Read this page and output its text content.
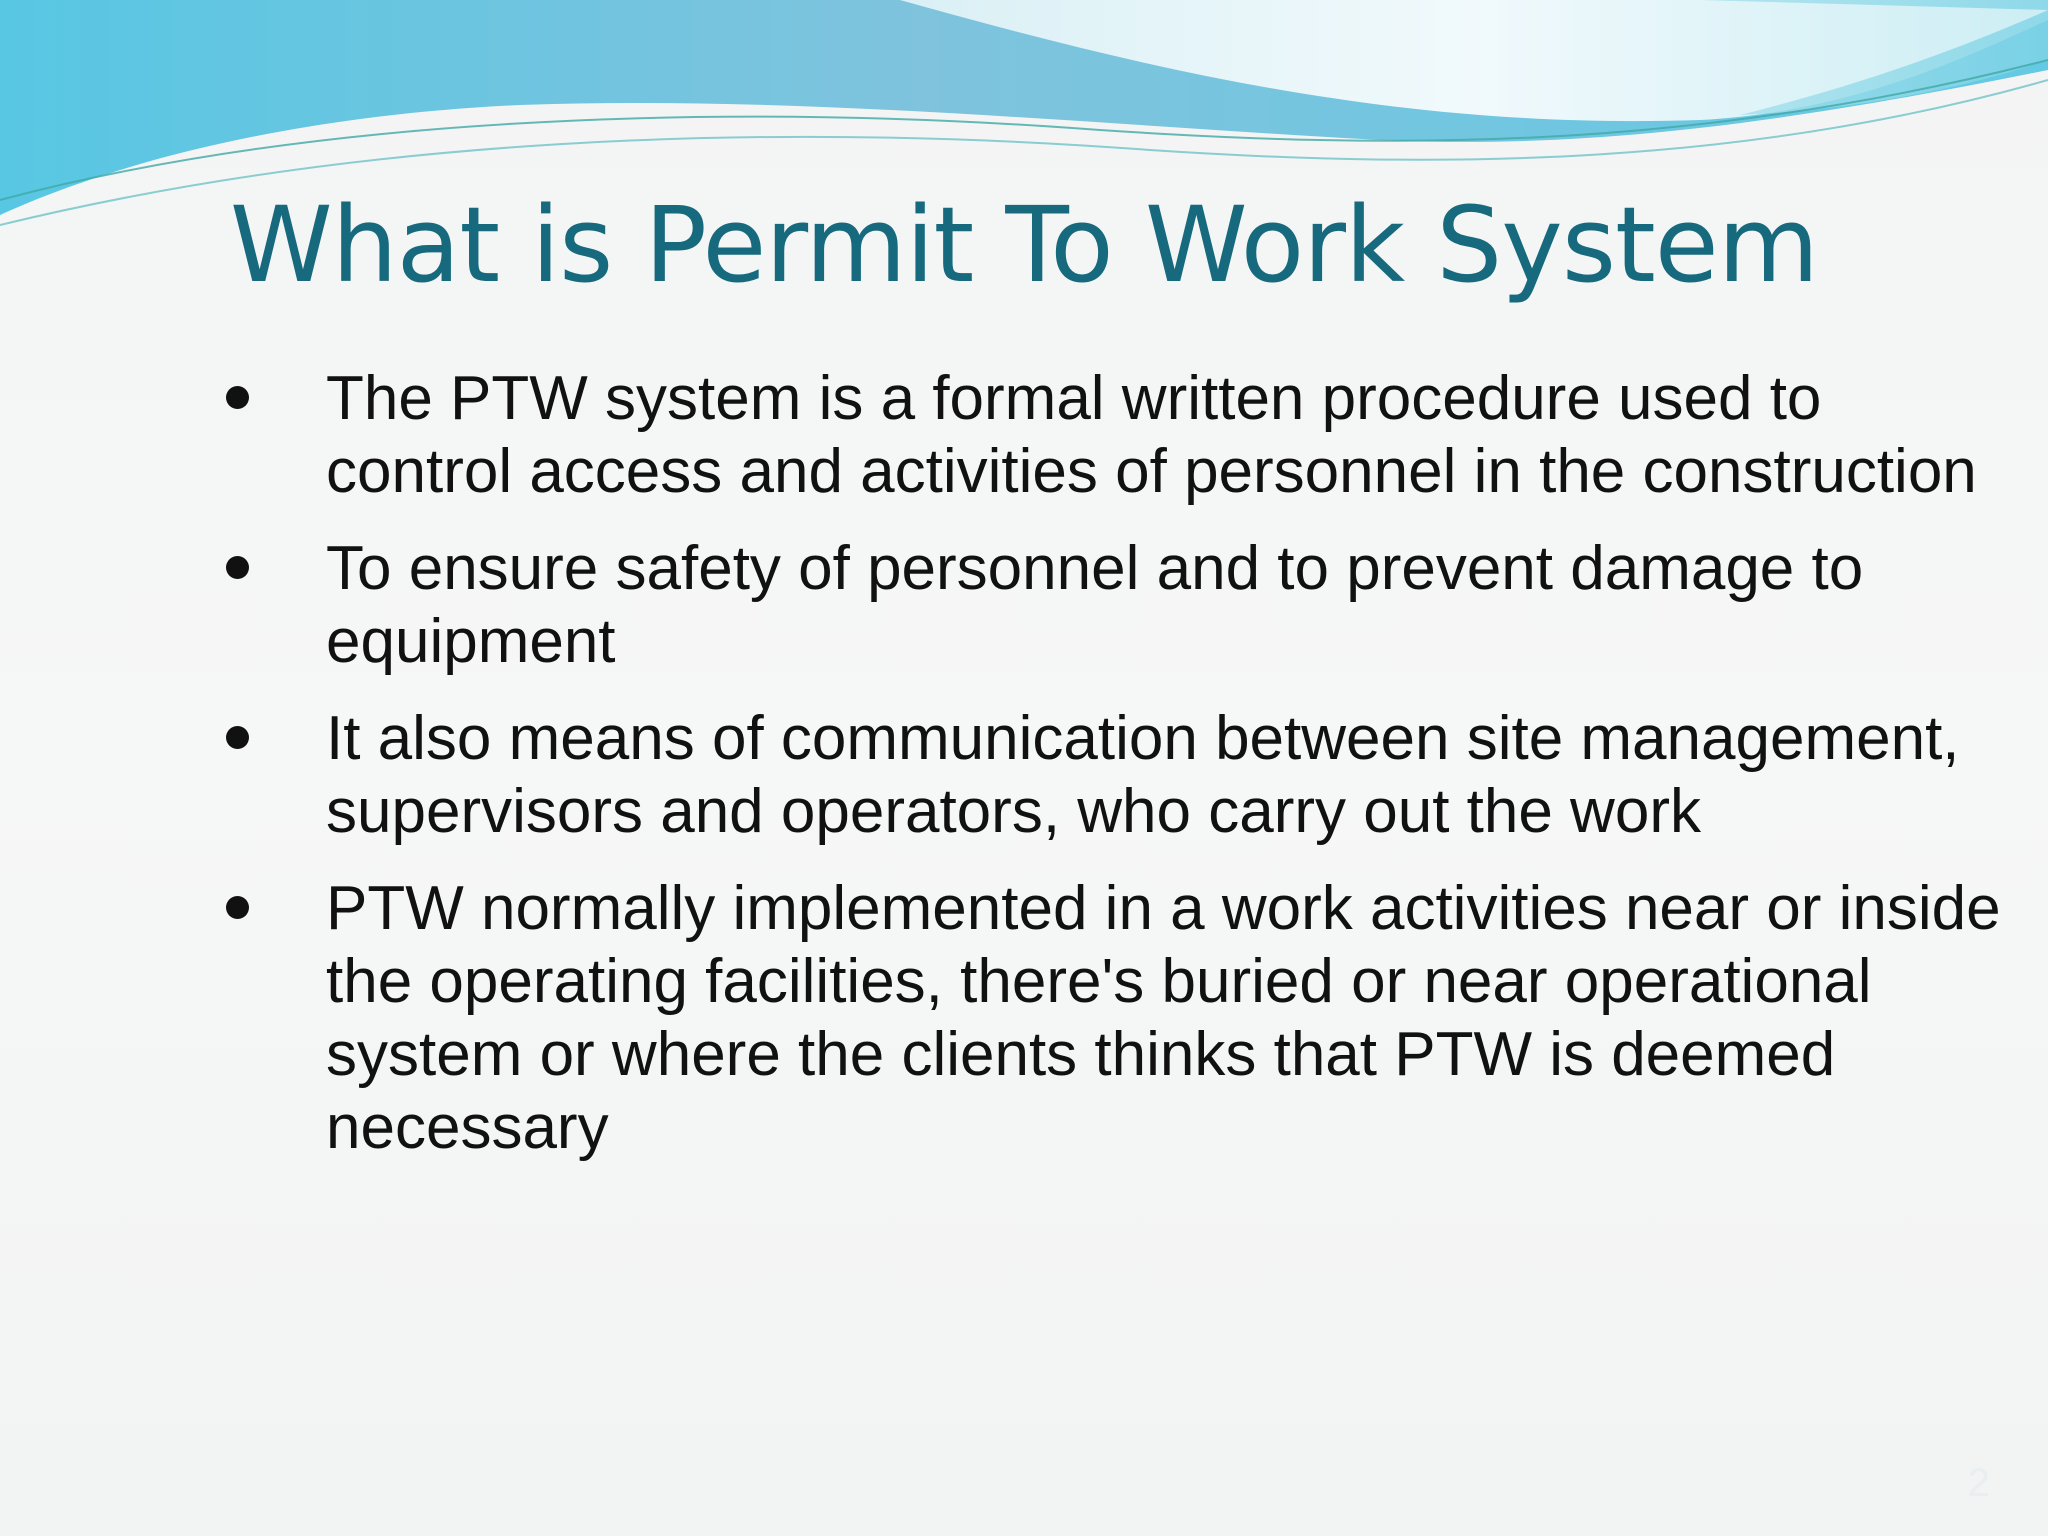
What is Permit To Work System
The PTW system is a formal written procedure used to control access and activities of personnel in the construction
To ensure safety of personnel and to prevent damage to equipment
It also means of communication between site management, supervisors and operators, who carry out the work
PTW normally implemented in a work activities near or inside the operating facilities, there's buried or near operational system or where the clients thinks that PTW is deemed necessary
2
